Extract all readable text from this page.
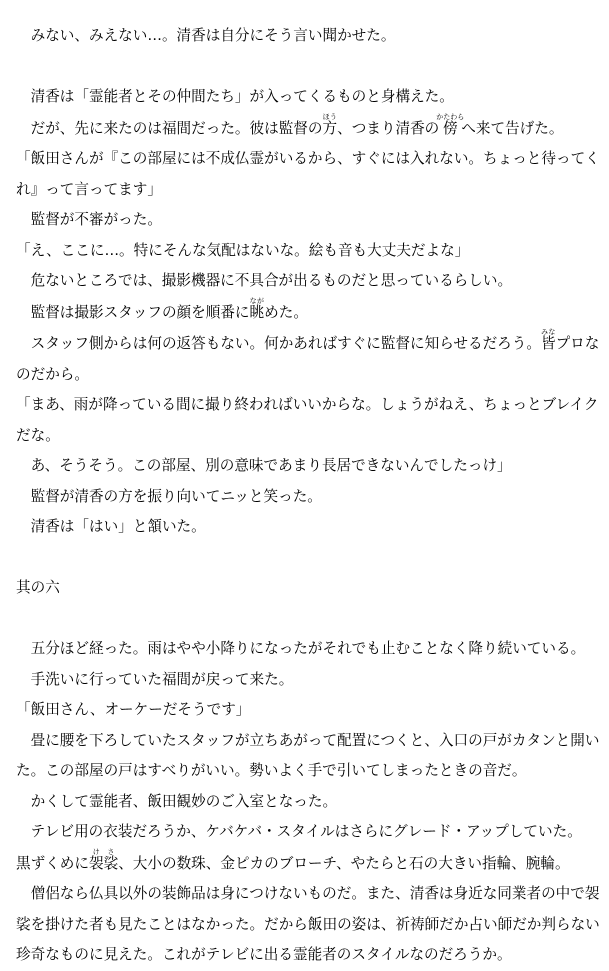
みない、みえない…。清香は自分にそう言い聞かせた。

清香は「霊能者とその仲間たち」が入ってくるものと身構えた。

だが、先に来たのは福間だった。彼は監督の方ほう、つまり清香の傍かたわらへ来て告げた。

「飯田さんが『この部屋には不成仏霊がいるから、すぐには入れない。ちょっと待ってくれ』って言ってます」

監督が不審がった。

「え、ここに…。特にそんな気配はないな。絵も音も大丈夫だよな」

危ないところでは、撮影機器に不具合が出るものだと思っているらしい。

監督は撮影スタッフの顔を順番に眺ながめた。

スタッフ側からは何の返答もない。何かあればすぐに監督に知らせるだろう。皆みなプロなのだから。

「まあ、雨が降っている間に撮り終わればいいからな。しょうがねえ、ちょっとブレイクだな。

あ、そうそう。この部屋、別の意味であまり長居できないんでしたっけ」

監督が清香の方を振り向いてニッと笑った。

清香は「はい」と頷いた。

其の六

五分ほど経った。雨はやや小降りになったがそれでも止むことなく降り続いている。

手洗いに行っていた福間が戻って来た。

「飯田さん、オーケーだそうです」

畳に腰を下ろしていたスタッフが立ちあがって配置につくと、入口の戸がカタンと開いた。この部屋の戸はすべりがいい。勢いよく手で引いてしまったときの音だ。

かくして霊能者、飯田観妙のご入室となった。

テレビ用の衣装だろうか、ケバケバ・スタイルはさらにグレード・アップしていた。

黒ずくめに袈裟けさ、大小の数珠、金ピカのブローチ、やたらと石の大きい指輪、腕輪。

僧侶なら仏具以外の装飾品は身につけないものだ。また、清香は身近な同業者の中で袈裟を掛けた者も見たことはなかった。だから飯田の姿は、祈祷師だか占い師だか判らない珍奇なものに見えた。これがテレビに出る霊能者のスタイルなのだろうか。
